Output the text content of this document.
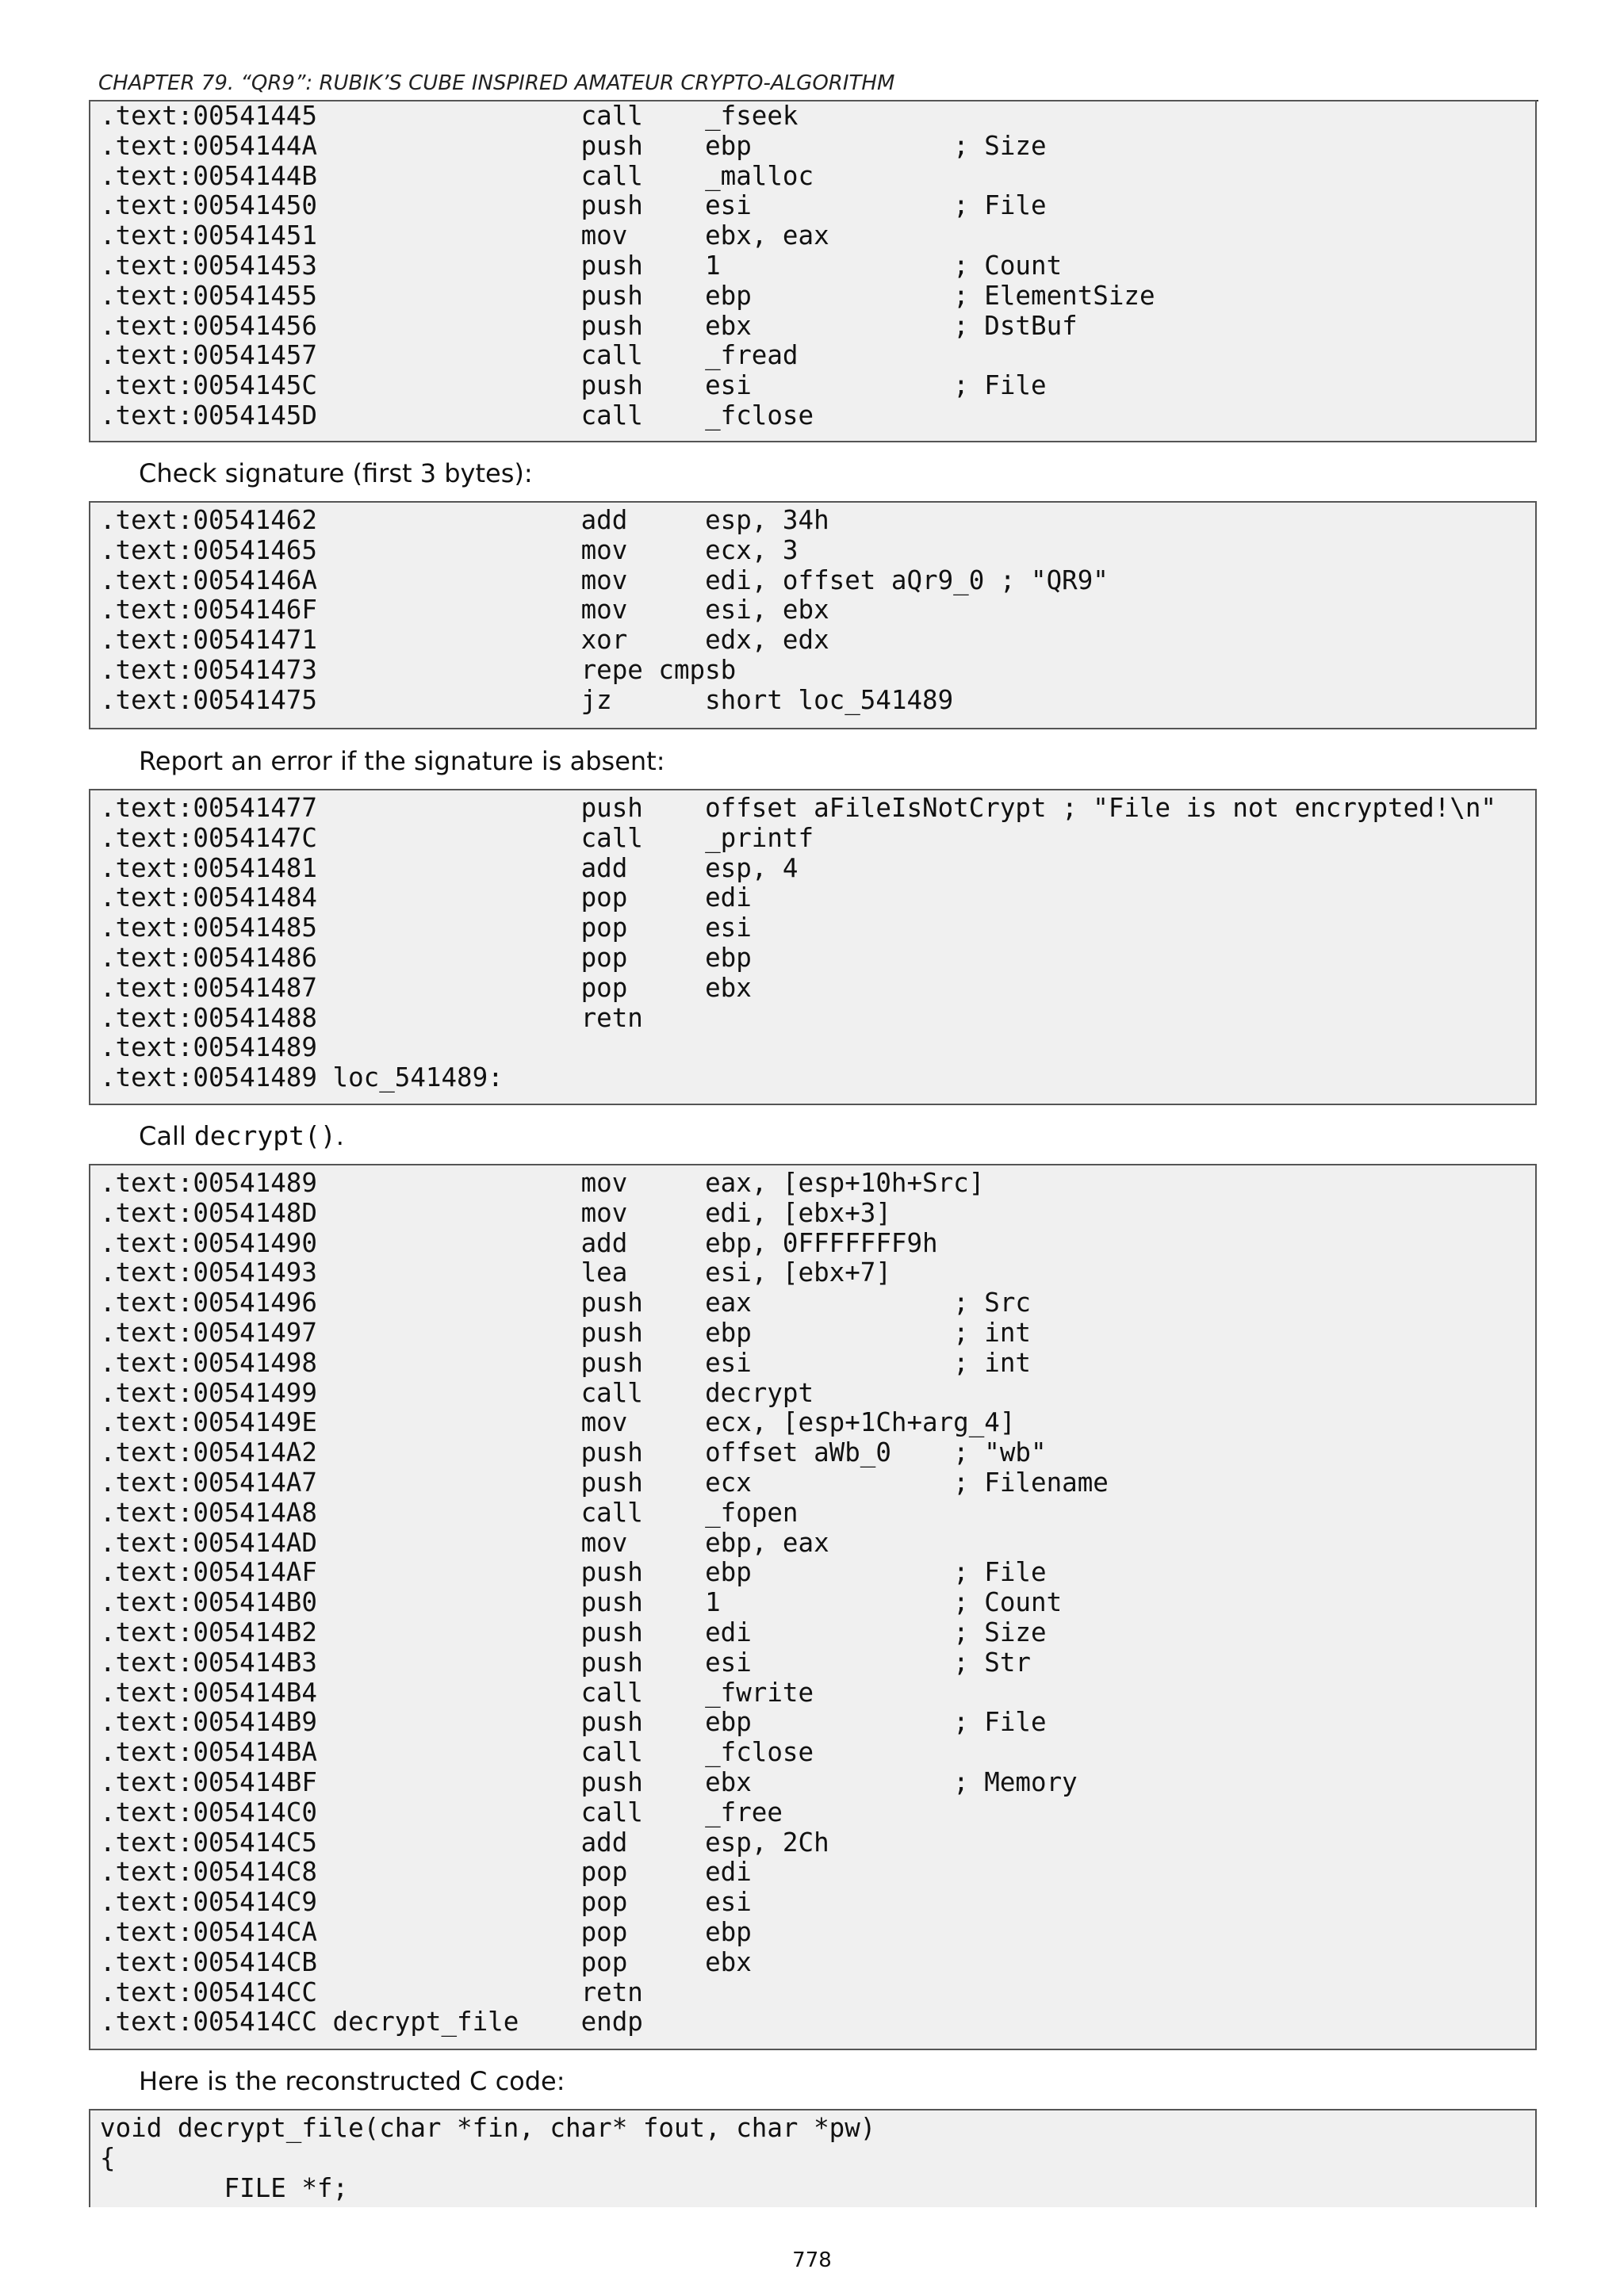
CHAPTER 79. “QR9”: RUBIK’S CUBE INSPIRED AMATEUR CRYPTO-ALGORITHM
.text:00541445                 call    _fseek
.text:0054144A                 push    ebp             ; Size
.text:0054144B                 call    _malloc
.text:00541450                 push    esi             ; File
.text:00541451                 mov     ebx, eax
.text:00541453                 push    1               ; Count
.text:00541455                 push    ebp             ; ElementSize
.text:00541456                 push    ebx             ; DstBuf
.text:00541457                 call    _fread
.text:0054145C                 push    esi             ; File
.text:0054145D                 call    _fclose
Check signature (first 3 bytes):
.text:00541462                 add     esp, 34h
.text:00541465                 mov     ecx, 3
.text:0054146A                 mov     edi, offset aQr9_0 ; "QR9"
.text:0054146F                 mov     esi, ebx
.text:00541471                 xor     edx, edx
.text:00541473                 repe cmpsb
.text:00541475                 jz      short loc_541489
Report an error if the signature is absent:
.text:00541477                 push    offset aFileIsNotCrypt ; "File is not encrypted!\n"
.text:0054147C                 call    _printf
.text:00541481                 add     esp, 4
.text:00541484                 pop     edi
.text:00541485                 pop     esi
.text:00541486                 pop     ebp
.text:00541487                 pop     ebx
.text:00541488                 retn
.text:00541489
.text:00541489 loc_541489:
Call decrypt().
.text:00541489                 mov     eax, [esp+10h+Src]
.text:0054148D                 mov     edi, [ebx+3]
.text:00541490                 add     ebp, 0FFFFFFF9h
.text:00541493                 lea     esi, [ebx+7]
.text:00541496                 push    eax             ; Src
.text:00541497                 push    ebp             ; int
.text:00541498                 push    esi             ; int
.text:00541499                 call    decrypt
.text:0054149E                 mov     ecx, [esp+1Ch+arg_4]
.text:005414A2                 push    offset aWb_0    ; "wb"
.text:005414A7                 push    ecx             ; Filename
.text:005414A8                 call    _fopen
.text:005414AD                 mov     ebp, eax
.text:005414AF                 push    ebp             ; File
.text:005414B0                 push    1               ; Count
.text:005414B2                 push    edi             ; Size
.text:005414B3                 push    esi             ; Str
.text:005414B4                 call    _fwrite
.text:005414B9                 push    ebp             ; File
.text:005414BA                 call    _fclose
.text:005414BF                 push    ebx             ; Memory
.text:005414C0                 call    _free
.text:005414C5                 add     esp, 2Ch
.text:005414C8                 pop     edi
.text:005414C9                 pop     esi
.text:005414CA                 pop     ebp
.text:005414CB                 pop     ebx
.text:005414CC                 retn
.text:005414CC decrypt_file    endp
Here is the reconstructed C code:
void decrypt_file(char *fin, char* fout, char *pw)
{
FILE *f;
778
